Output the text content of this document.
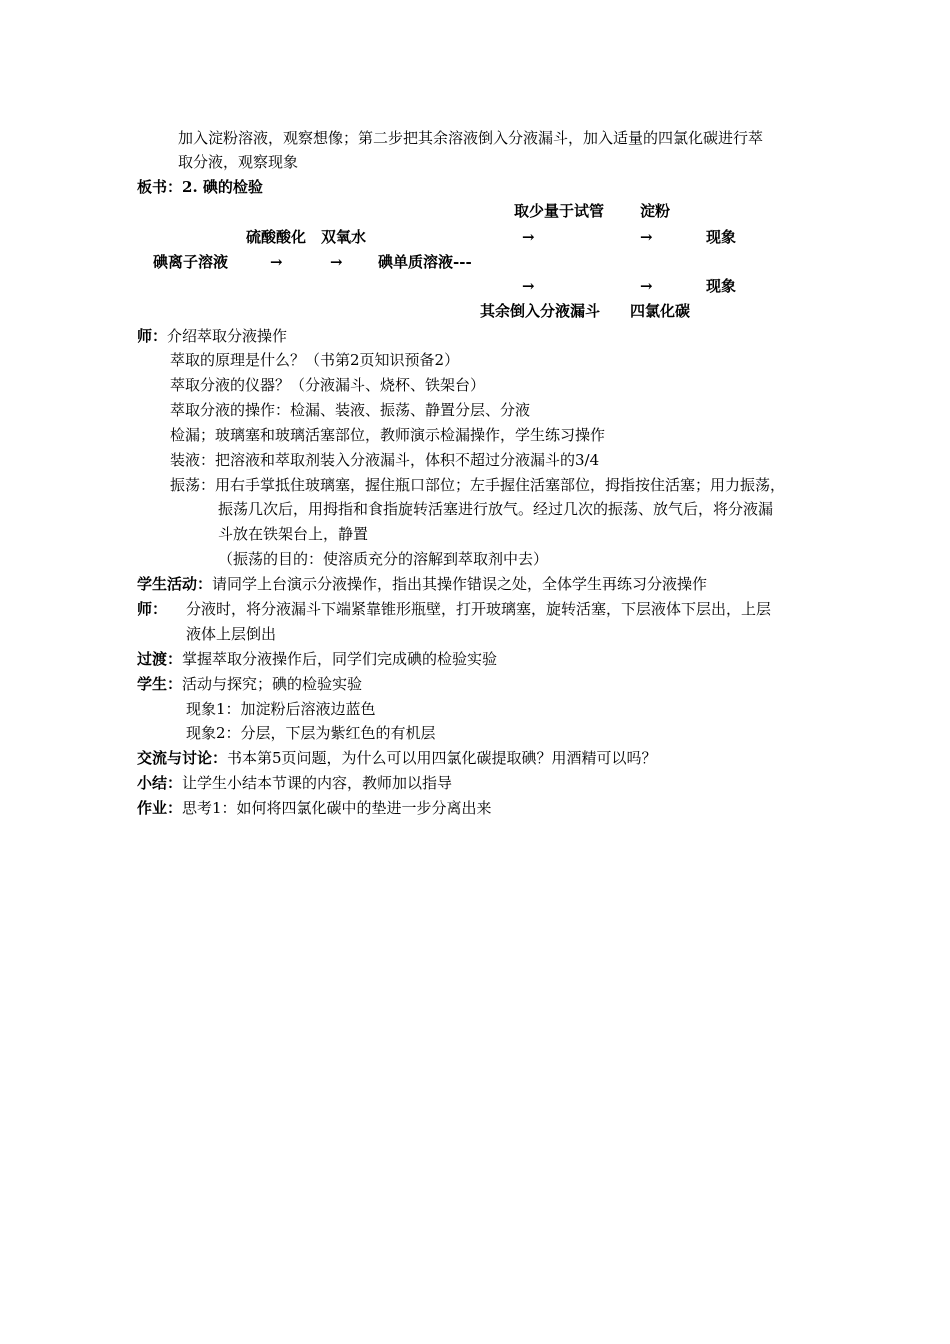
加入淀粉溶液，观察想像；第二步把其余溶液倒入分液漏斗，加入适量的四氯化碳进行萃
取分液，观察现象
板书：2. 碘的检验
取少量于试管 淀粉
硫酸酸化 双氧水	→	→	现象
碘离子溶液	→	→ 碘单质溶液---
→	→	现象
其余倒入分液漏斗 四氯化碳
师：介绍萃取分液操作
萃取的原理是什么？（书第2页知识预备2）
萃取分液的仪器？（分液漏斗、烧杯、铁架台）
萃取分液的操作：检漏、装液、振荡、静置分层、分液
检漏；玻璃塞和玻璃活塞部位，教师演示检漏操作，学生练习操作
装液：把溶液和萃取剂装入分液漏斗，体积不超过分液漏斗的3/4
振荡：用右手掌抵住玻璃塞，握住瓶口部位；左手握住活塞部位，拇指按住活塞；用力振荡，
振荡几次后，用拇指和食指旋转活塞进行放气。经过几次的振荡、放气后，将分液漏
斗放在铁架台上，静置
（振荡的目的：使溶质充分的溶解到萃取剂中去）
学生活动：请同学上台演示分液操作，指出其操作错误之处，全体学生再练习分液操作
师： 分液时，将分液漏斗下端紧靠锥形瓶壁，打开玻璃塞，旋转活塞，下层液体下层出，上层
液体上层倒出
过渡：掌握萃取分液操作后，同学们完成碘的检验实验
学生：活动与探究；碘的检验实验
现象1：加淀粉后溶液边蓝色
现象2：分层，下层为紫红色的有机层
交流与讨论：书本第5页问题，为什么可以用四氯化碳提取碘？用酒精可以吗？
小结：让学生小结本节课的内容，教师加以指导
作业：思考1：如何将四氯化碳中的垫进一步分离出来
